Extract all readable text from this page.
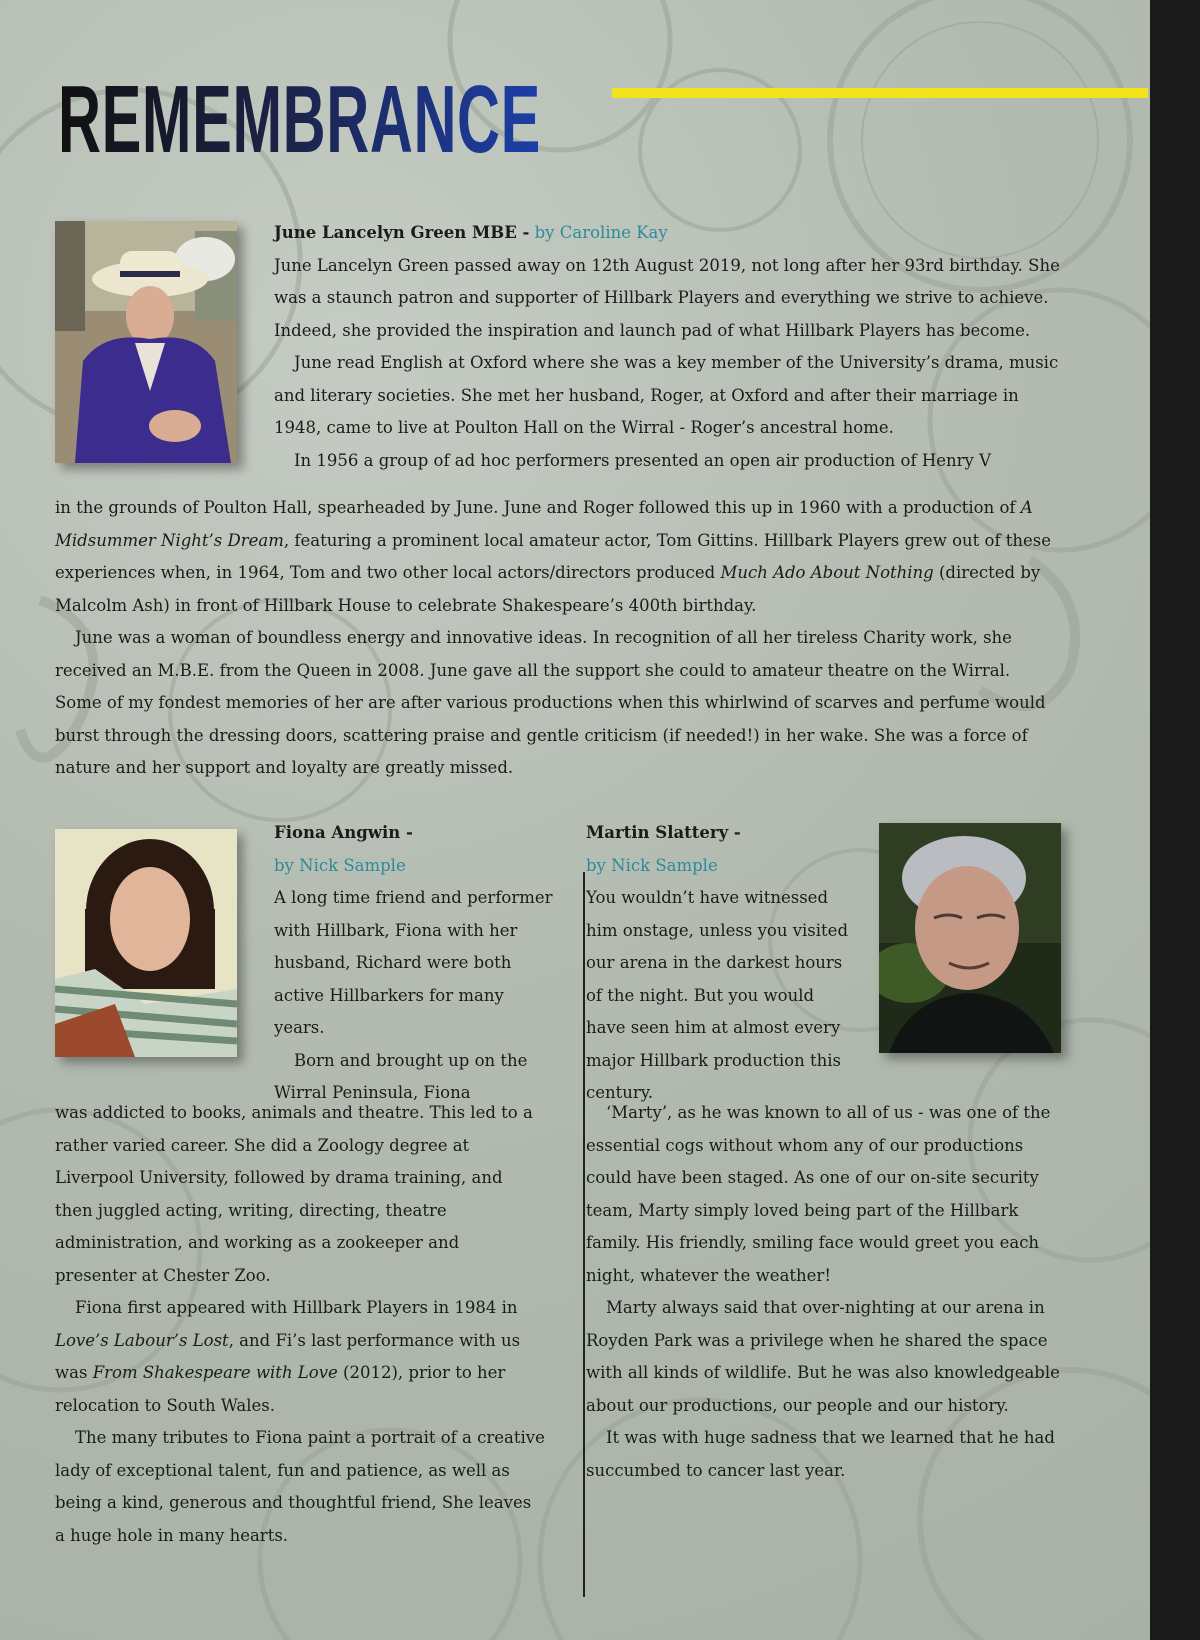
REMEMBRANCE

June Lancelyn Green MBE - by Caroline Kay

June Lancelyn Green passed away on 12th August 2019, not long after her 93rd birthday. She was a staunch patron and supporter of Hillbark Players and everything we strive to achieve. Indeed, she provided the inspiration and launch pad of what Hillbark Players has become.

June read English at Oxford where she was a key member of the University’s drama, music and literary societies. She met her husband, Roger, at Oxford and after their marriage in 1948, came to live at Poulton Hall on the Wirral - Roger’s ancestral home.

In 1956 a group of ad hoc performers presented an open air production of Henry V

in the grounds of Poulton Hall, spearheaded by June. June and Roger followed this up in 1960 with a production of A Midsummer Night’s Dream, featuring a prominent local amateur actor, Tom Gittins. Hillbark Players grew out of these experiences when, in 1964, Tom and two other local actors/directors produced Much Ado About Nothing (directed by Malcolm Ash) in front of Hillbark House to celebrate Shakespeare’s 400th birthday.

June was a woman of boundless energy and innovative ideas. In recognition of all her tireless Charity work, she received an M.B.E. from the Queen in 2008. June gave all the support she could to amateur theatre on the Wirral. Some of my fondest memories of her are after various productions when this whirlwind of scarves and perfume would burst through the dressing doors, scattering praise and gentle criticism (if needed!) in her wake. She was a force of nature and her support and loyalty are greatly missed.

Fiona Angwin -

by Nick Sample

A long time friend and performer with Hillbark, Fiona with her husband, Richard were both active Hillbarkers for many years.

Born and brought up on the Wirral Peninsula, Fiona

was addicted to books, animals and theatre. This led to a rather varied career. She did a Zoology degree at Liverpool University, followed by drama training, and then juggled acting, writing, directing, theatre administration, and working as a zookeeper and presenter at Chester Zoo.

Fiona first appeared with Hillbark Players in 1984 in Love’s Labour’s Lost, and Fi’s last performance with us was From Shakespeare with Love (2012), prior to her relocation to South Wales.

The many tributes to Fiona paint a portrait of a creative lady of exceptional talent, fun and patience, as well as being a kind, generous and thoughtful friend, She leaves a huge hole in many hearts.

Martin Slattery -

by Nick Sample

You wouldn’t have witnessed him onstage, unless you visited our arena in the darkest hours of the night. But you would have seen him at almost every major Hillbark production this century.

‘Marty’, as he was known to all of us - was one of the essential cogs without whom any of our productions could have been staged. As one of our on-site security team, Marty simply loved being part of the Hillbark family. His friendly, smiling face would greet you each night, whatever the weather!

Marty always said that over-nighting at our arena in Royden Park was a privilege when he shared the space with all kinds of wildlife. But he was also knowledgeable about our productions, our people and our history.

It was with huge sadness that we learned that he had succumbed to cancer last year.
